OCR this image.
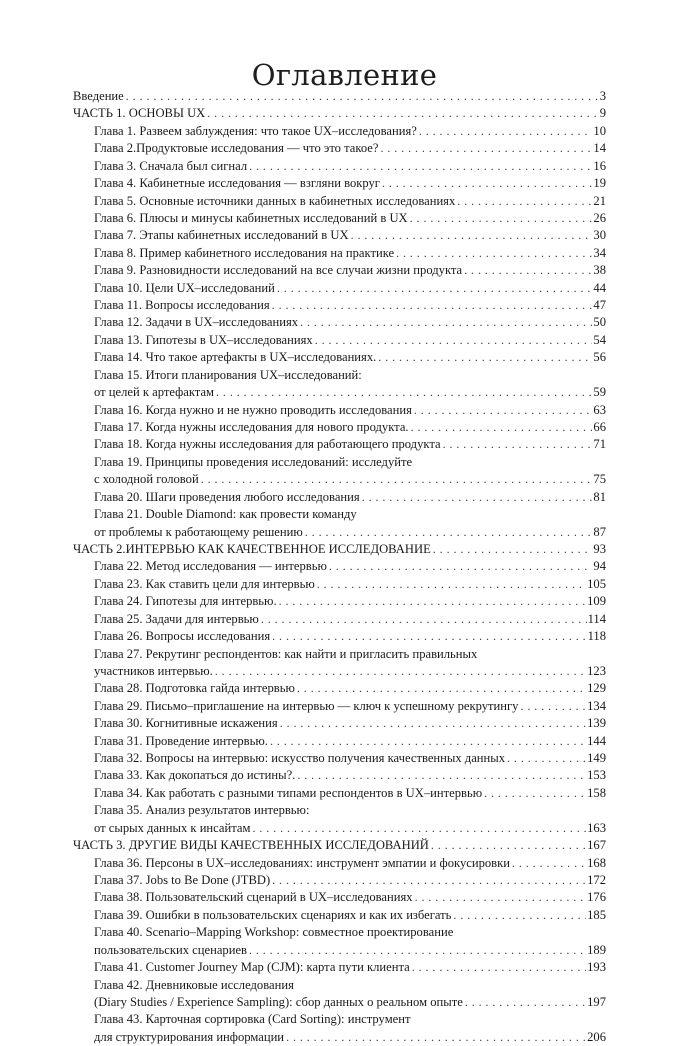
Оглавление
Введение . . .	3
ЧАСТЬ 1. ОСНОВЫ UX . . .	9
Глава 1. Развеем заблуждения: что такое UX–исследования? . . .	10
Глава 2.Продуктовые исследования — что это такое? . . .	14
Глава 3. Сначала был сигнал . . .	16
Глава 4. Кабинетные исследования — взгляни вокруг . . .	19
Глава 5. Основные источники данных в кабинетных исследованиях . . .	21
Глава 6. Плюсы и минусы кабинетных исследований в UX . . .	26
Глава 7. Этапы кабинетных исследований в UX . . .	30
Глава 8. Пример кабинетного исследования на практике . . .	34
Глава 9. Разновидности исследований на все случаи жизни продукта . . .	38
Глава 10. Цели UX–исследований . . .	44
Глава 11. Вопросы исследования . . .	47
Глава 12. Задачи в UX–исследованиях . . .	50
Глава 13. Гипотезы в UX–исследованиях . . .	54
Глава 14. Что такое артефакты в UX–исследованиях. . . .	56
Глава 15. Итоги планирования UX–исследований:
от целей к артефактам . . .	59
Глава 16. Когда нужно и не нужно проводить исследования . . .	63
Глава 17. Когда нужны исследования для нового продукта. . . .	66
Глава 18. Когда нужны исследования для работающего продукта . . .	71
Глава 19. Принципы проведения исследований: исследуйте
с холодной головой . . .	75
Глава 20. Шаги проведения любого исследования . . .	81
Глава 21. Double Diamond: как провести команду
от проблемы к работающему решению . . .	87
ЧАСТЬ 2.ИНТЕРВЬЮ КАК КАЧЕСТВЕННОЕ ИССЛЕДОВАНИЕ . . .	93
Глава 22. Метод исследования — интервью . . .	94
Глава 23. Как ставить цели для интервью . . .	105
Глава 24. Гипотезы для интервью. . . .	109
Глава 25. Задачи для интервью . . .	114
Глава 26. Вопросы исследования . . .	118
Глава 27. Рекрутинг респондентов: как найти и пригласить правильных
участников интервью. . . .	123
Глава 28. Подготовка гайда интервью . . .	129
Глава 29. Письмо–приглашение на интервью — ключ к успешному рекрутингу . . .	134
Глава 30. Когнитивные искажения . . .	139
Глава 31. Проведение интервью. . . .	144
Глава 32. Вопросы на интервью: искусство получения качественных данных . . .	149
Глава 33. Как докопаться до истины?. . . .	153
Глава 34. Как работать с разными типами респондентов в UX–интервью . . .	158
Глава 35. Анализ результатов интервью:
от сырых данных к инсайтам . . .	163
ЧАСТЬ 3. ДРУГИЕ ВИДЫ КАЧЕСТВЕННЫХ ИССЛЕДОВАНИЙ . . .	167
Глава 36. Персоны в UX–исследованиях: инструмент эмпатии и фокусировки . . .	168
Глава 37. Jobs to Be Done (JTBD) . . .	172
Глава 38. Пользовательский сценарий в UX–исследованиях . . .	176
Глава 39. Ошибки в пользовательских сценариях и как их избегать . . .	185
Глава 40. Scenario–Mapping Workshop: совместное проектирование
пользовательских сценариев . . .	189
Глава 41. Customer Journey Map (CJM): карта пути клиента . . .	193
Глава 42. Дневниковые исследования
(Diary Studies / Experience Sampling): сбор данных о реальном опыте . . .	197
Глава 43. Карточная сортировка (Card Sorting): инструмент
для структурирования информации . . .	206
